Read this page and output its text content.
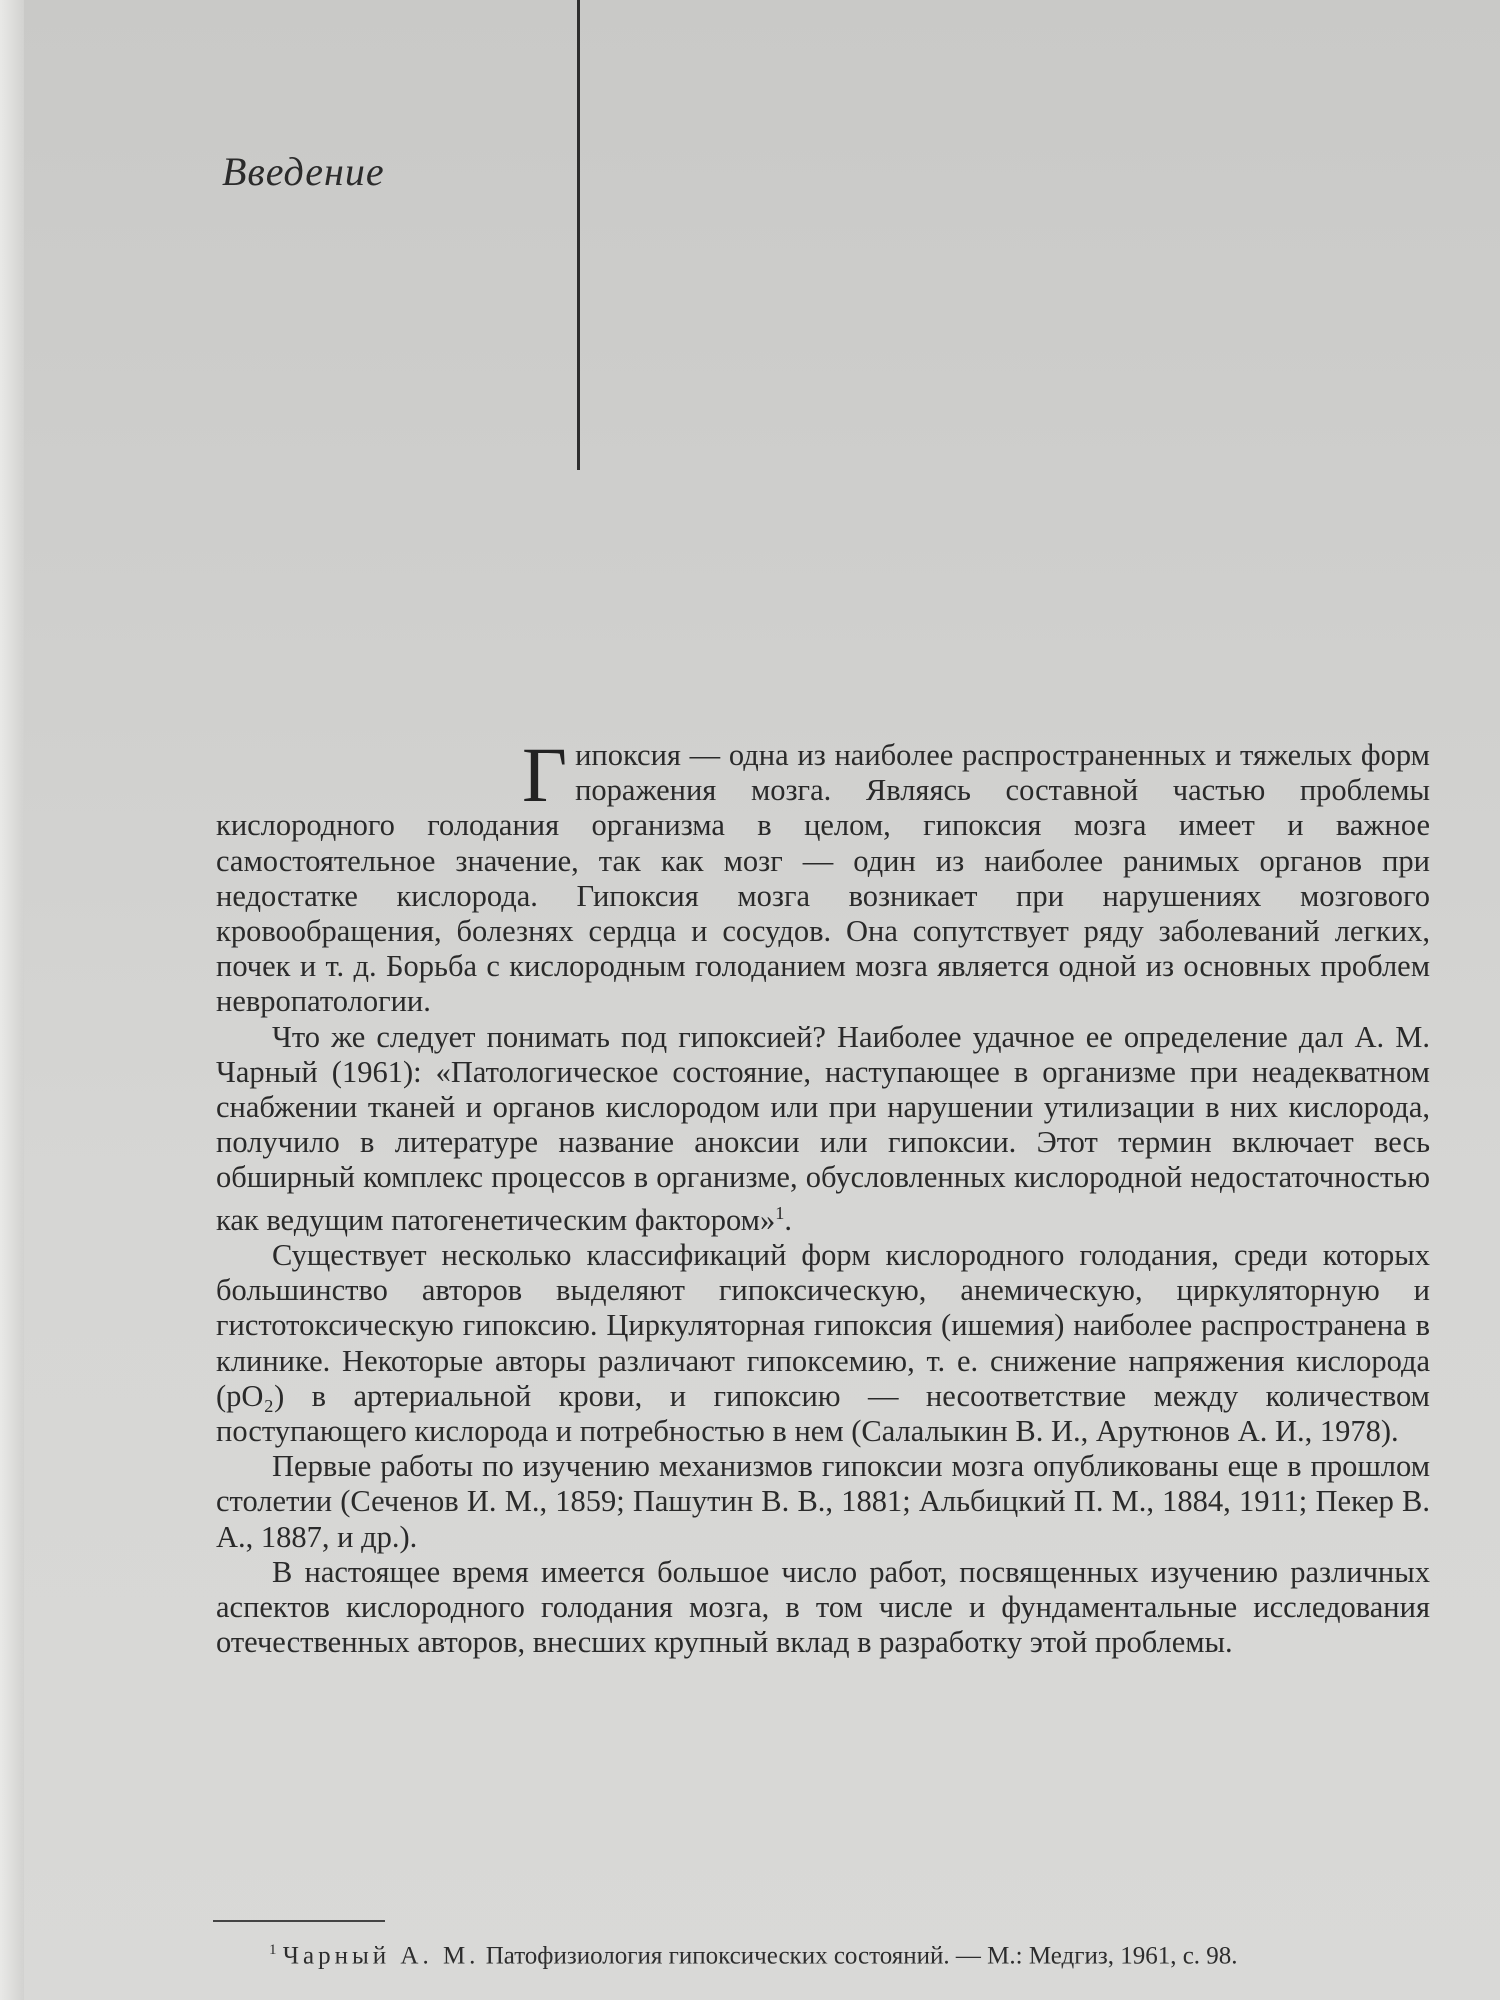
Введение

Гипоксия — одна из наиболее распространенных и тяжелых форм поражения мозга. Являясь составной частью проблемы кислородного голодания организма в целом, гипоксия мозга имеет и важное самостоятельное значение, так как мозг — один из наиболее ранимых органов при недостатке кислорода. Гипоксия мозга возникает при нарушениях мозгового кровообращения, болезнях сердца и сосудов. Она сопутствует ряду заболеваний легких, почек и т. д. Борьба с кислородным голоданием мозга является одной из основных проблем невропатологии.

Что же следует понимать под гипоксией? Наиболее удачное ее определение дал А. М. Чарный (1961): «Патологическое состояние, наступающее в организме при неадекватном снабжении тканей и органов кислородом или при нарушении утилизации в них кислорода, получило в литературе название аноксии или гипоксии. Этот термин включает весь обширный комплекс процессов в организме, обусловленных кислородной недостаточностью как ведущим патогенетическим фактором»$^1$.

Существует несколько классификаций форм кислородного голодания, среди которых большинство авторов выделяют гипоксическую, анемическую, циркуляторную и гистотоксическую гипоксию. Циркуляторная гипоксия (ишемия) наиболее распространена в клинике. Некоторые авторы различают гипоксемию, т. е. снижение напряжения кислорода (pO₂) в артериальной крови, и гипоксию — несоответствие между количеством поступающего кислорода и потребностью в нем (Салалыкин В. И., Арутюнов А. И., 1978).

Первые работы по изучению механизмов гипоксии мозга опубликованы еще в прошлом столетии (Сеченов И. М., 1859; Пашутин В. В., 1881; Альбицкий П. М., 1884, 1911; Пекер В. А., 1887, и др.).

В настоящее время имеется большое число работ, посвященных изучению различных аспектов кислородного голодания мозга, в том числе и фундаментальные исследования отечественных авторов, внесших крупный вклад в разработку этой проблемы.

$^1$ Чарный А. М. Патофизиология гипоксических состояний. — М.: Медгиз, 1961, с. 98.
